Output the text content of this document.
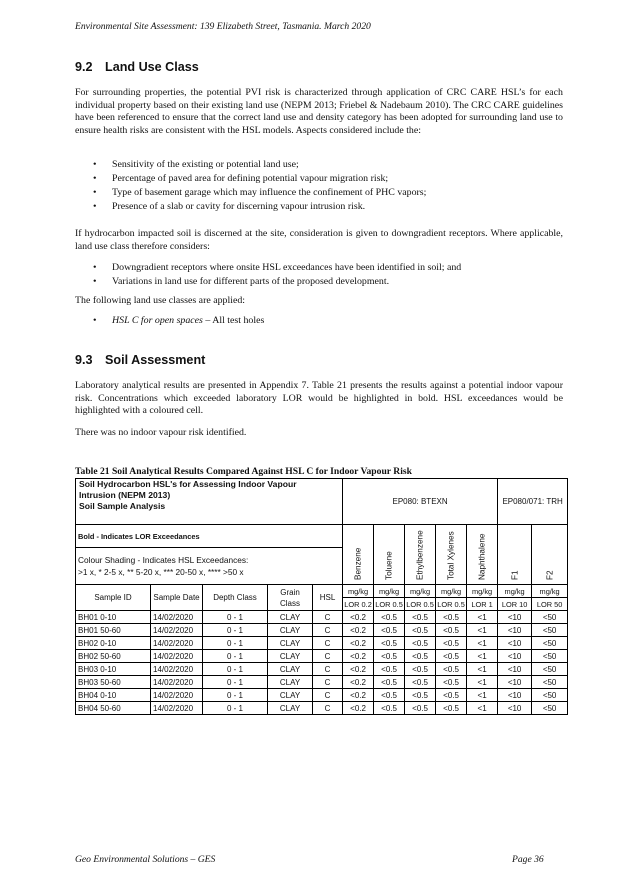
Environmental Site Assessment: 139 Elizabeth Street, Tasmania. March 2020
9.2 Land Use Class
For surrounding properties, the potential PVI risk is characterized through application of CRC CARE HSL’s for each individual property based on their existing land use (NEPM 2013; Friebel & Nadebaum 2010). The CRC CARE guidelines have been referenced to ensure that the correct land use and density category has been adopted for surrounding land use to ensure health risks are consistent with the HSL models. Aspects considered include the:
• Sensitivity of the existing or potential land use;
• Percentage of paved area for defining potential vapour migration risk;
• Type of basement garage which may influence the confinement of PHC vapors;
• Presence of a slab or cavity for discerning vapour intrusion risk.
If hydrocarbon impacted soil is discerned at the site, consideration is given to downgradient receptors. Where applicable, land use class therefore considers:
• Downgradient receptors where onsite HSL exceedances have been identified in soil; and
• Variations in land use for different parts of the proposed development.
The following land use classes are applied:
• HSL C for open spaces – All test holes
9.3 Soil Assessment
Laboratory analytical results are presented in Appendix 7. Table 21 presents the results against a potential indoor vapour risk. Concentrations which exceeded laboratory LOR would be highlighted in bold. HSL exceedances would be highlighted with a coloured cell.
There was no indoor vapour risk identified.
Table 21 Soil Analytical Results Compared Against HSL C for Indoor Vapour Risk
Soil Hydrocarbon HSL's for Assessing Indoor Vapour
Intrusion (NEPM 2013)
Soil Sample Analysis					EP080: BTEXN					EP080/071: TRH	
Bold - Indicates LOR Exceedances					Benzene	Toluene	Ethylbenzene	Total Xylenes	Naphthalene	F1	F2

Colour Shading - Indicates HSL Exceedances:
>1 x, * 2-5 x, ** 5-20 x, *** 20-50 x, **** >50 x											

Sample ID	Sample Date	Depth Class	Grain Class	HSL	mg/kg	mg/kg	mg/kg	mg/kg	mg/kg	mg/kg	mg/kg
					LOR 0.2	LOR 0.5	LOR 0.5	LOR 0.5	LOR 1	LOR 10	LOR 50
BH01 0-10	14/02/2020	0 - 1	CLAY	C	<0.2	<0.5	<0.5	<0.5	<1	<10	<50
BH01 50-60	14/02/2020	0 - 1	CLAY	C	<0.2	<0.5	<0.5	<0.5	<1	<10	<50
BH02 0-10	14/02/2020	0 - 1	CLAY	C	<0.2	<0.5	<0.5	<0.5	<1	<10	<50
BH02 50-60	14/02/2020	0 - 1	CLAY	C	<0.2	<0.5	<0.5	<0.5	<1	<10	<50
BH03 0-10	14/02/2020	0 - 1	CLAY	C	<0.2	<0.5	<0.5	<0.5	<1	<10	<50
BH03 50-60	14/02/2020	0 - 1	CLAY	C	<0.2	<0.5	<0.5	<0.5	<1	<10	<50
BH04 0-10	14/02/2020	0 - 1	CLAY	C	<0.2	<0.5	<0.5	<0.5	<1	<10	<50
BH04 50-60	14/02/2020	0 - 1	CLAY	C	<0.2	<0.5	<0.5	<0.5	<1	<10	<50
Geo Environmental Solutions – GES	Page 36
